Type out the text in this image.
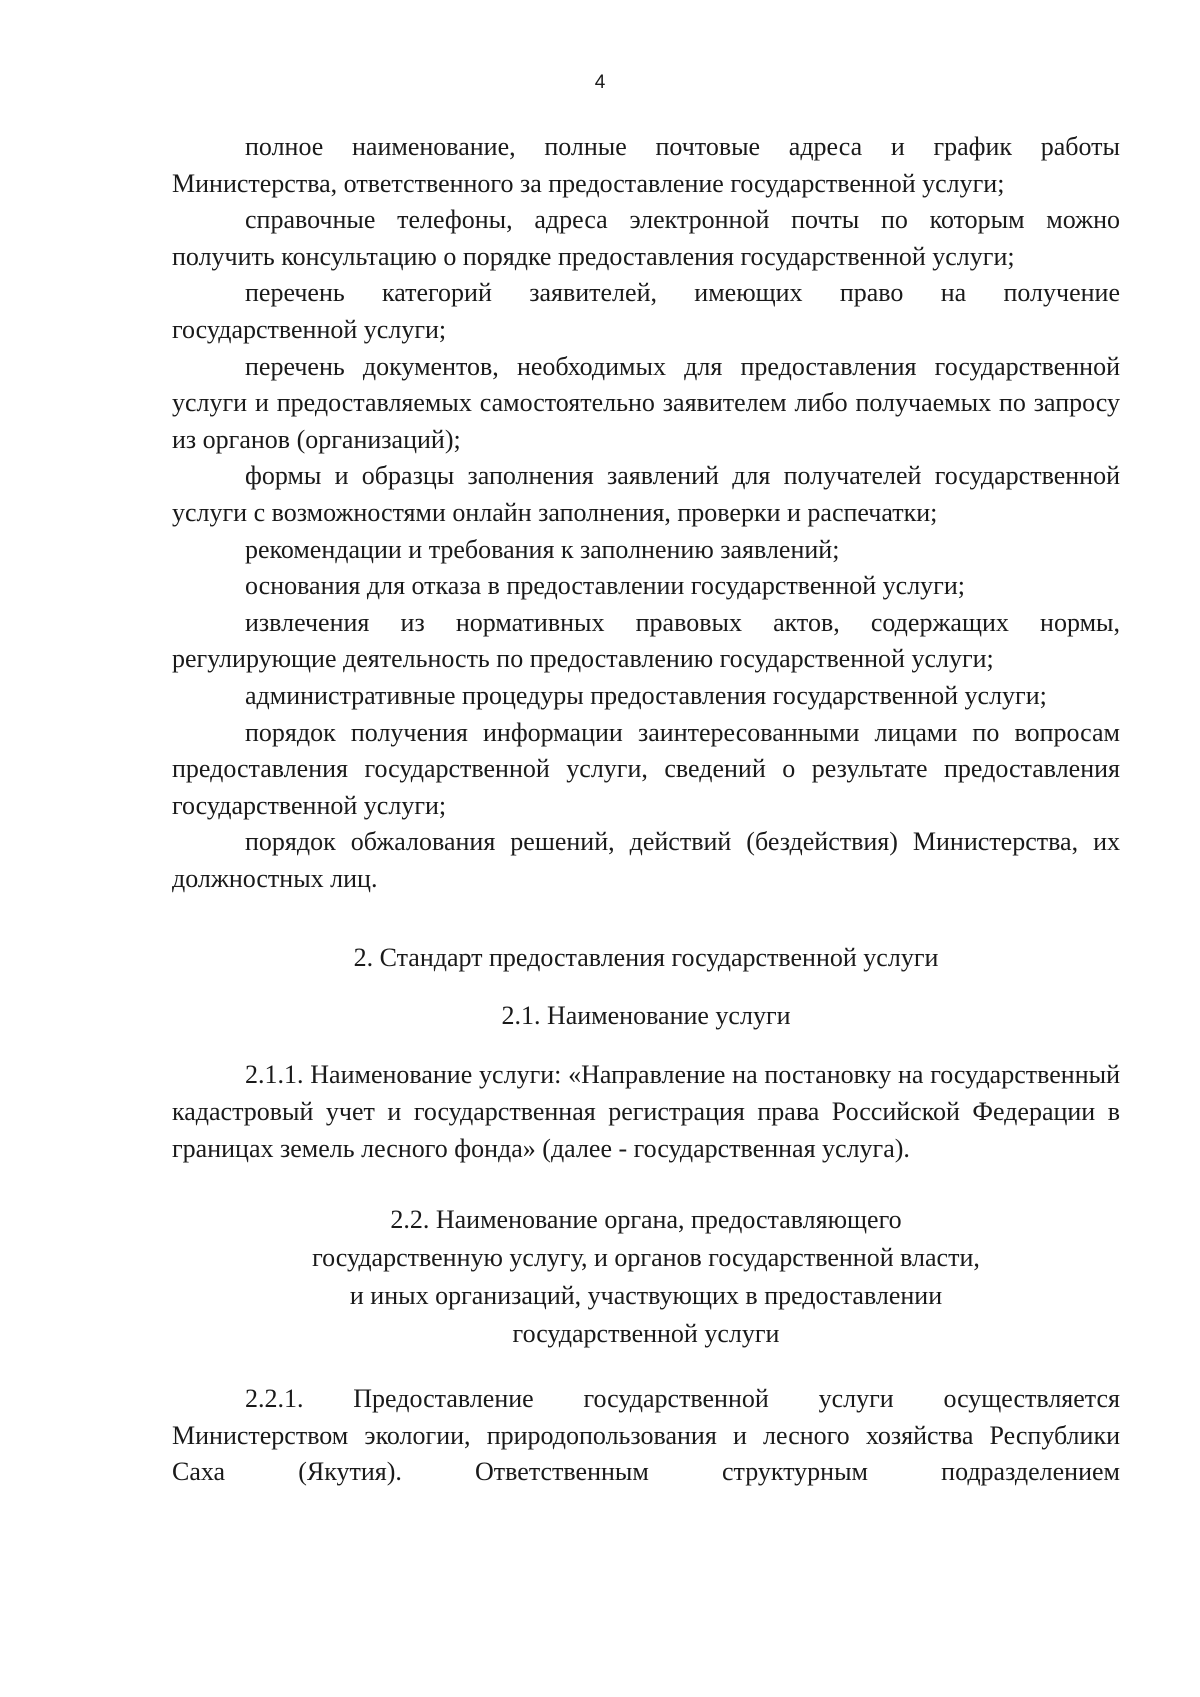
4

полное наименование, полные почтовые адреса и график работы Министерства, ответственного за предоставление государственной услуги;

справочные телефоны, адреса электронной почты по которым можно получить консультацию о порядке предоставления государственной услуги;

перечень категорий заявителей, имеющих право на получение государственной услуги;

перечень документов, необходимых для предоставления государственной услуги и предоставляемых самостоятельно заявителем либо получаемых по запросу из органов (организаций);

формы и образцы заполнения заявлений для получателей государственной услуги с возможностями онлайн заполнения, проверки и распечатки;

рекомендации и требования к заполнению заявлений;

основания для отказа в предоставлении государственной услуги;

извлечения из нормативных правовых актов, содержащих нормы, регулирующие деятельность по предоставлению государственной услуги;

административные процедуры предоставления государственной услуги;

порядок получения информации заинтересованными лицами по вопросам предоставления государственной услуги, сведений о результате предоставления государственной услуги;

порядок обжалования решений, действий (бездействия) Министерства, их должностных лиц.

2. Стандарт предоставления государственной услуги

2.1. Наименование услуги

2.1.1. Наименование услуги: «Направление на постановку на государственный кадастровый учет и государственная регистрация права Российской Федерации в границах земель лесного фонда» (далее - государственная услуга).

2.2. Наименование органа, предоставляющего
государственную услугу, и органов государственной власти,
и иных организаций, участвующих в предоставлении
государственной услуги

2.2.1. Предоставление государственной услуги осуществляется Министерством экологии, природопользования и лесного хозяйства Республики Саха (Якутия). Ответственным структурным подразделением
